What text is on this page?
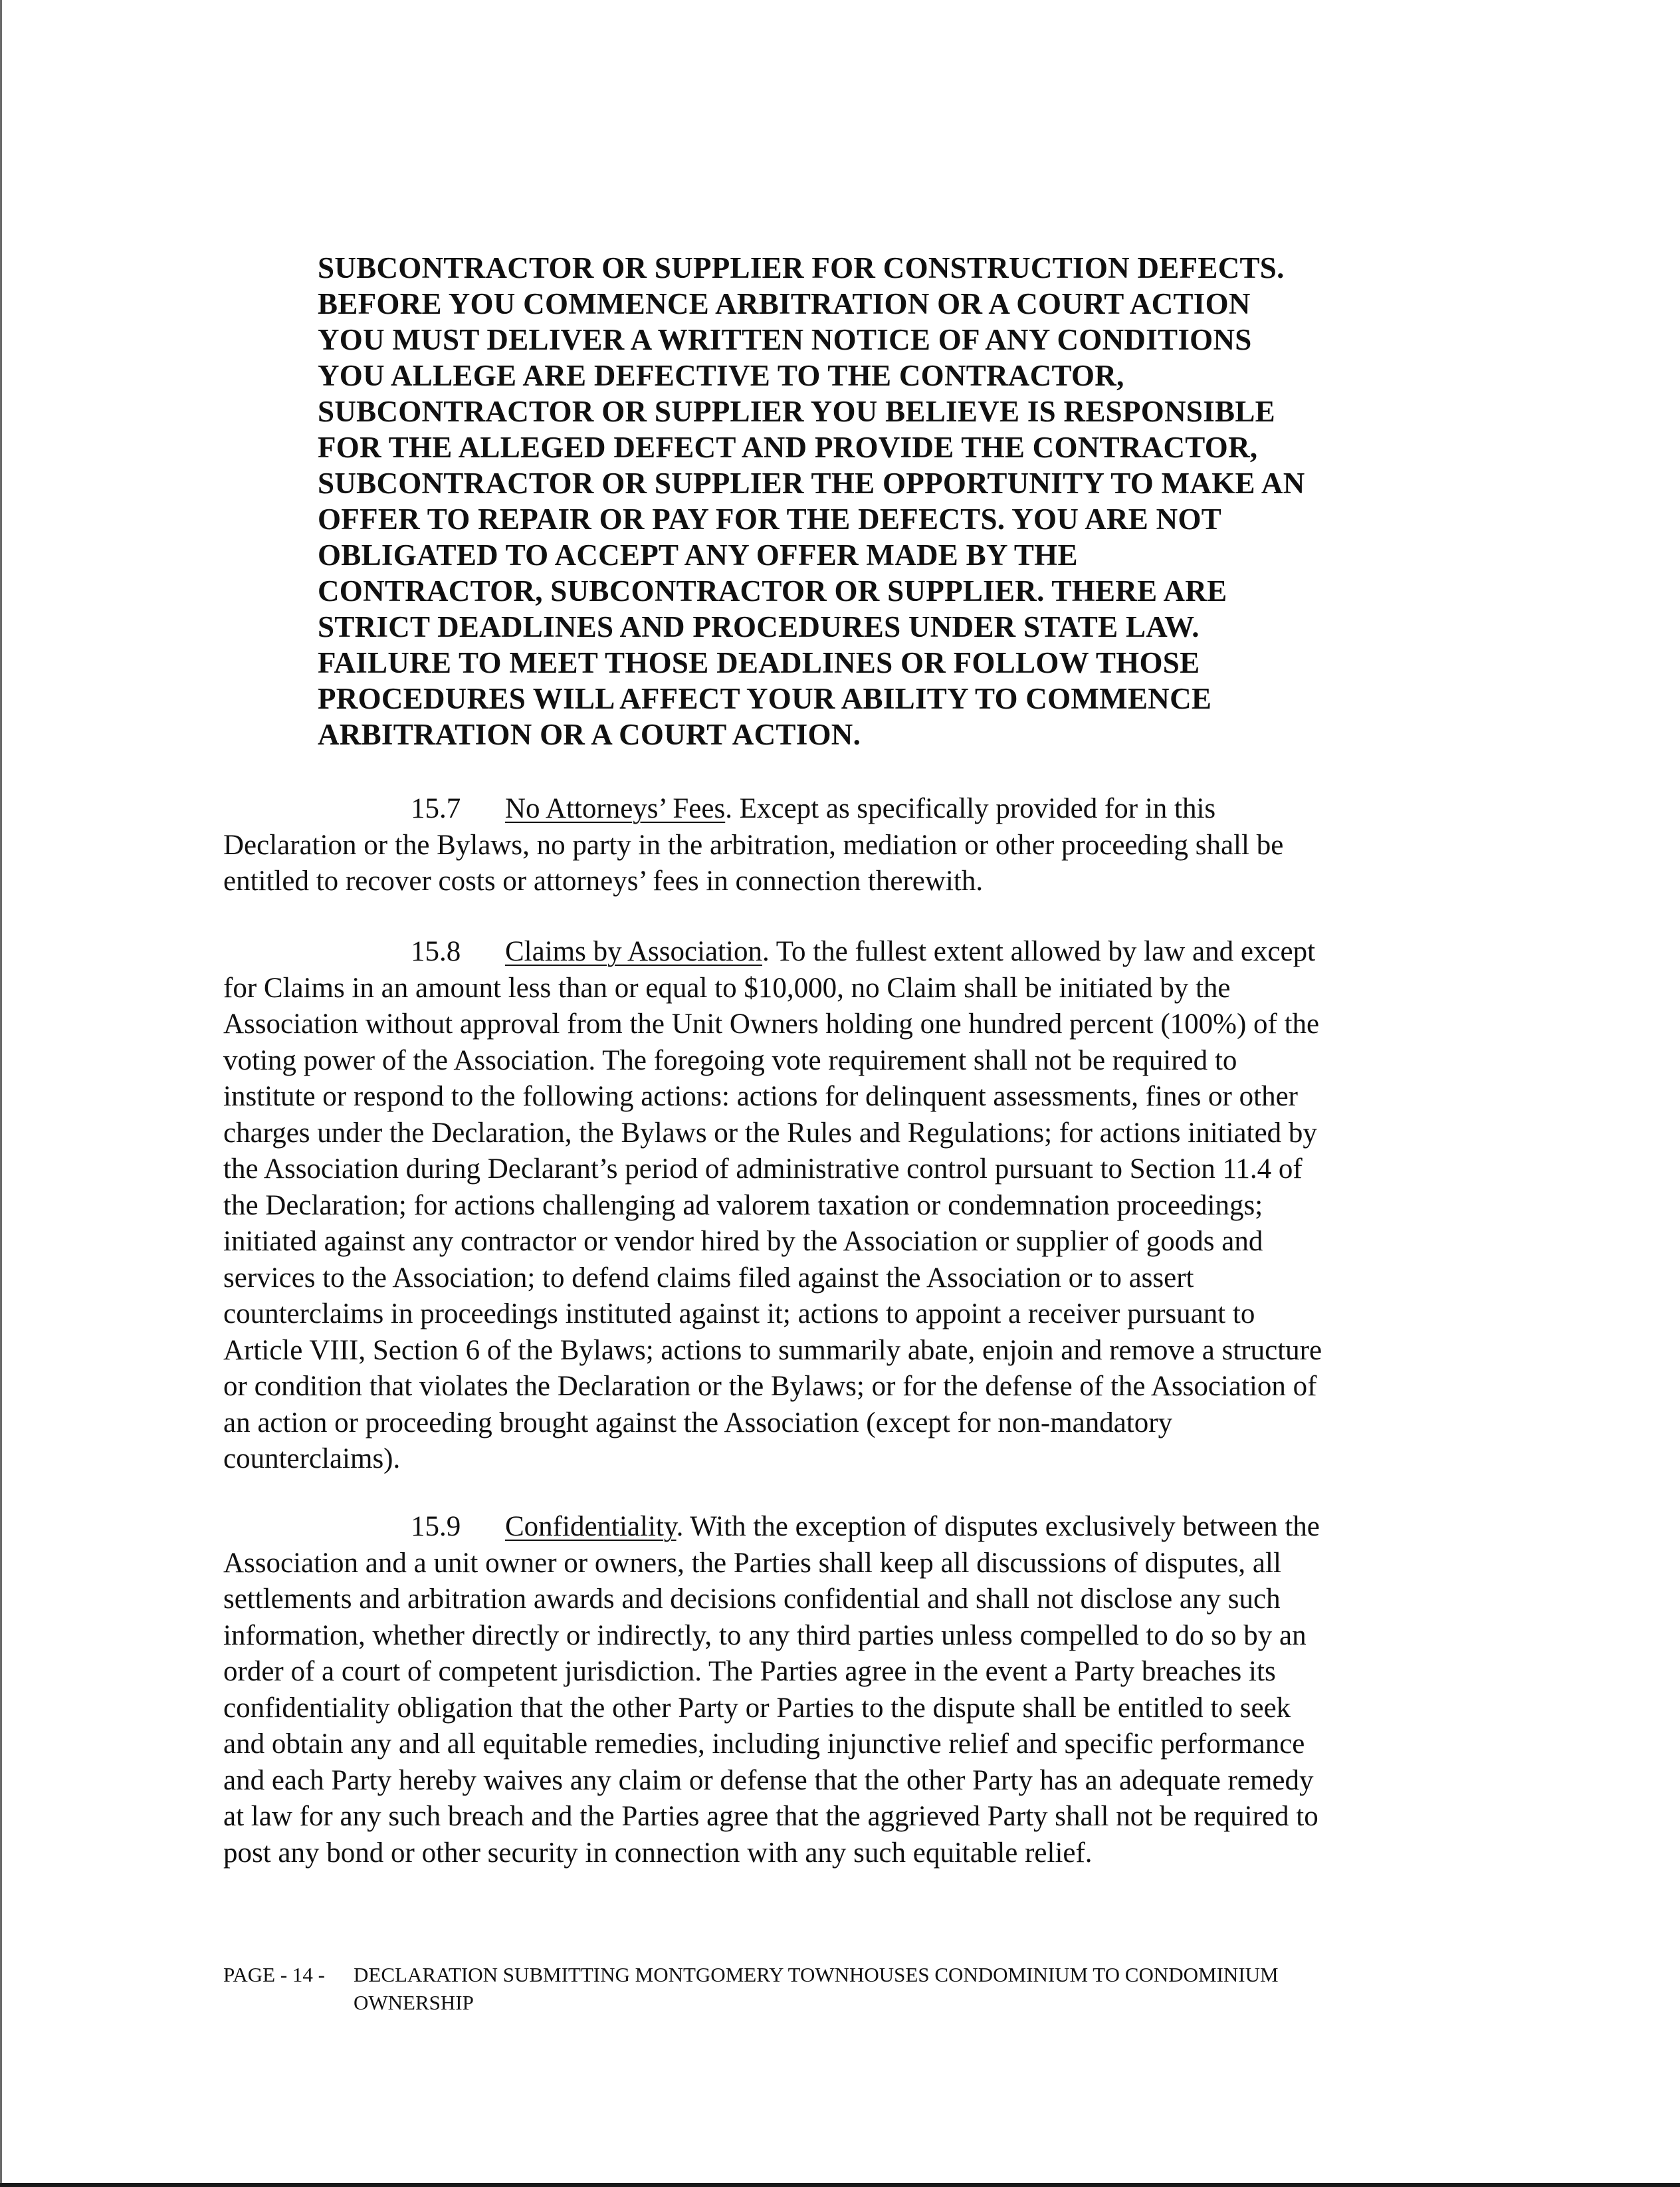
SUBCONTRACTOR OR SUPPLIER FOR CONSTRUCTION DEFECTS.
BEFORE YOU COMMENCE ARBITRATION OR A COURT ACTION
YOU MUST DELIVER A WRITTEN NOTICE OF ANY CONDITIONS
YOU ALLEGE ARE DEFECTIVE TO THE CONTRACTOR,
SUBCONTRACTOR OR SUPPLIER YOU BELIEVE IS RESPONSIBLE
FOR THE ALLEGED DEFECT AND PROVIDE THE CONTRACTOR,
SUBCONTRACTOR OR SUPPLIER THE OPPORTUNITY TO MAKE AN
OFFER TO REPAIR OR PAY FOR THE DEFECTS. YOU ARE NOT
OBLIGATED TO ACCEPT ANY OFFER MADE BY THE
CONTRACTOR, SUBCONTRACTOR OR SUPPLIER. THERE ARE
STRICT DEADLINES AND PROCEDURES UNDER STATE LAW.
FAILURE TO MEET THOSE DEADLINES OR FOLLOW THOSE
PROCEDURES WILL AFFECT YOUR ABILITY TO COMMENCE
ARBITRATION OR A COURT ACTION.
15.7 No Attorneys’ Fees. Except as specifically provided for in this
Declaration or the Bylaws, no party in the arbitration, mediation or other proceeding shall be
entitled to recover costs or attorneys’ fees in connection therewith.
15.8 Claims by Association. To the fullest extent allowed by law and except
for Claims in an amount less than or equal to $10,000, no Claim shall be initiated by the
Association without approval from the Unit Owners holding one hundred percent (100%) of the
voting power of the Association. The foregoing vote requirement shall not be required to
institute or respond to the following actions: actions for delinquent assessments, fines or other
charges under the Declaration, the Bylaws or the Rules and Regulations; for actions initiated by
the Association during Declarant’s period of administrative control pursuant to Section 11.4 of
the Declaration; for actions challenging ad valorem taxation or condemnation proceedings;
initiated against any contractor or vendor hired by the Association or supplier of goods and
services to the Association; to defend claims filed against the Association or to assert
counterclaims in proceedings instituted against it; actions to appoint a receiver pursuant to
Article VIII, Section 6 of the Bylaws; actions to summarily abate, enjoin and remove a structure
or condition that violates the Declaration or the Bylaws; or for the defense of the Association of
an action or proceeding brought against the Association (except for non-mandatory
counterclaims).
15.9 Confidentiality. With the exception of disputes exclusively between the
Association and a unit owner or owners, the Parties shall keep all discussions of disputes, all
settlements and arbitration awards and decisions confidential and shall not disclose any such
information, whether directly or indirectly, to any third parties unless compelled to do so by an
order of a court of competent jurisdiction. The Parties agree in the event a Party breaches its
confidentiality obligation that the other Party or Parties to the dispute shall be entitled to seek
and obtain any and all equitable remedies, including injunctive relief and specific performance
and each Party hereby waives any claim or defense that the other Party has an adequate remedy
at law for any such breach and the Parties agree that the aggrieved Party shall not be required to
post any bond or other security in connection with any such equitable relief.
PAGE - 14 - DECLARATION SUBMITTING MONTGOMERY TOWNHOUSES CONDOMINIUM TO CONDOMINIUM
OWNERSHIP
